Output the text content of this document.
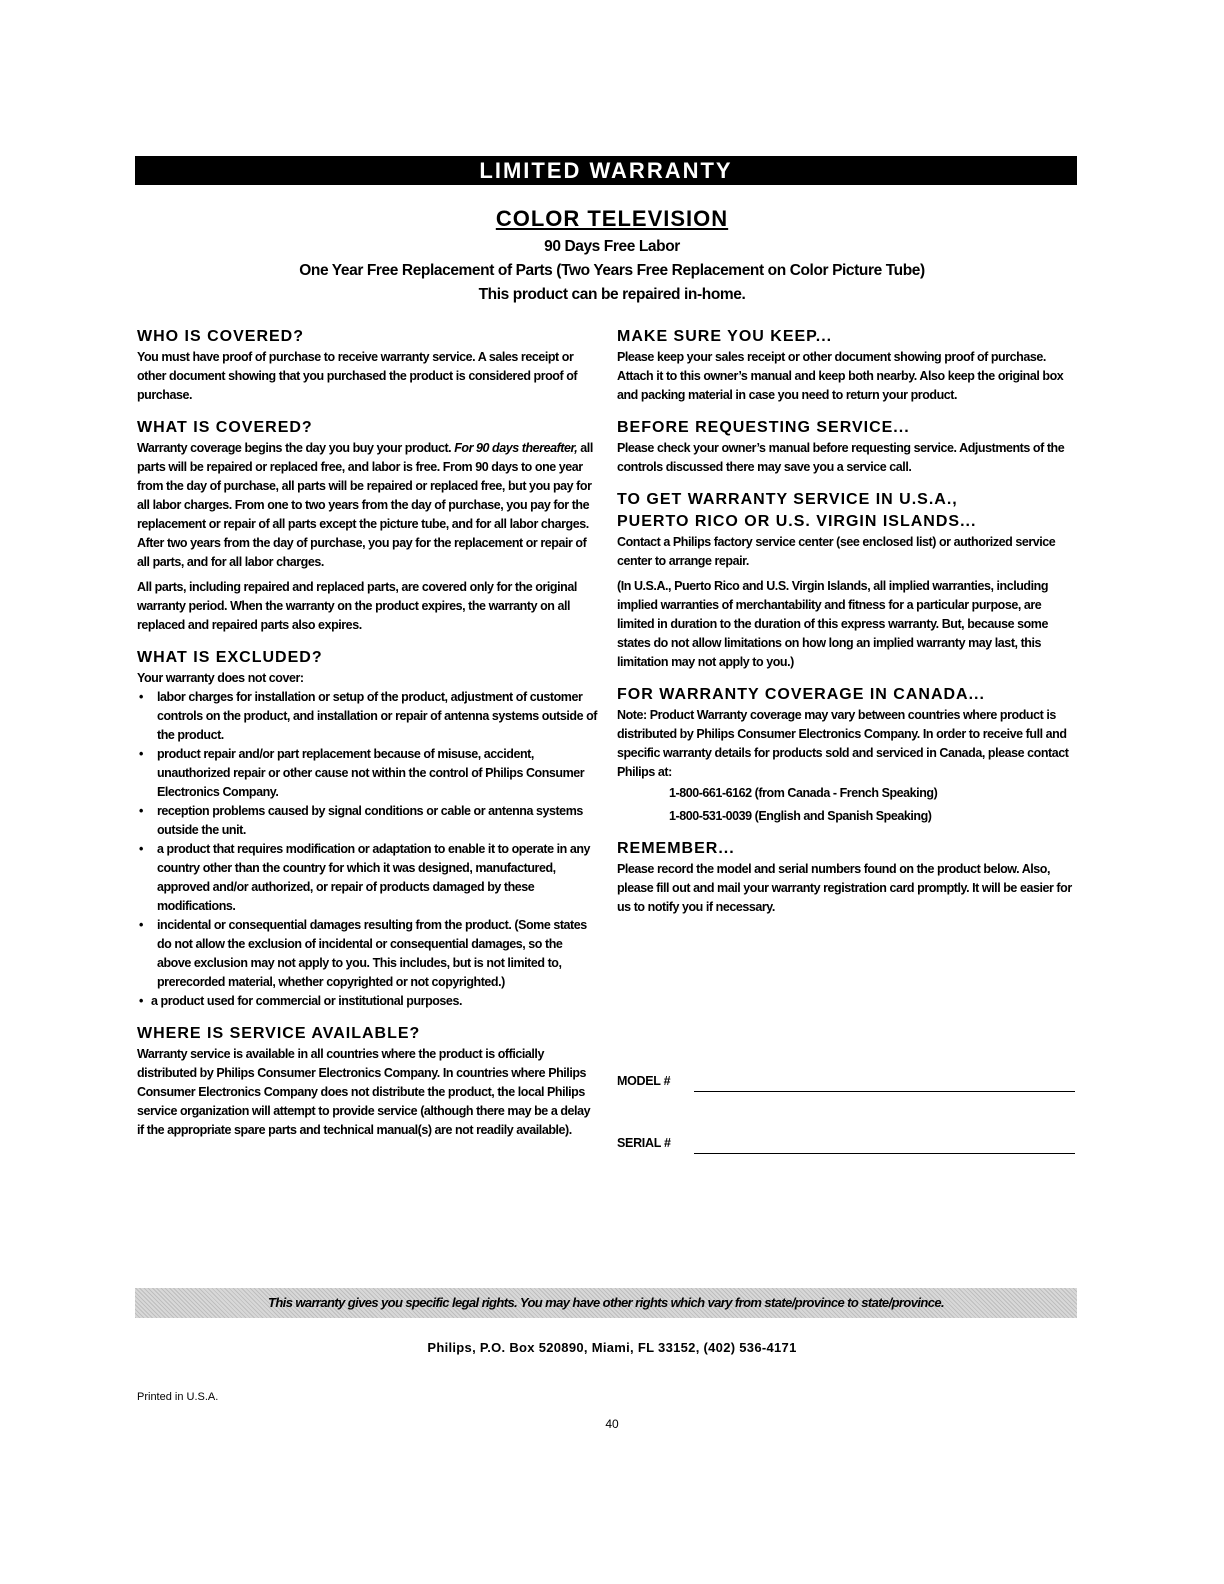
LIMITED WARRANTY
COLOR TELEVISION
90 Days Free Labor
One Year Free Replacement of Parts (Two Years Free Replacement on Color Picture Tube)
This product can be repaired in-home.
WHO IS COVERED?

You must have proof of purchase to receive warranty service. A sales receipt or other document showing that you purchased the product is considered proof of purchase.

WHAT IS COVERED?

Warranty coverage begins the day you buy your product. For 90 days thereafter, all parts will be repaired or replaced free, and labor is free. From 90 days to one year from the day of purchase, all parts will be repaired or replaced free, but you pay for all labor charges. From one to two years from the day of purchase, you pay for the replacement or repair of all parts except the picture tube, and for all labor charges. After two years from the day of purchase, you pay for the replacement or repair of all parts, and for all labor charges.

All parts, including repaired and replaced parts, are covered only for the original warranty period. When the warranty on the product expires, the warranty on all replaced and repaired parts also expires.

WHAT IS EXCLUDED?

Your warranty does not cover:

• labor charges for installation or setup of the product, adjustment of customer controls on the product, and installation or repair of antenna systems outside of the product.
• product repair and/or part replacement because of misuse, accident, unauthorized repair or other cause not within the control of Philips Consumer Electronics Company.
• reception problems caused by signal conditions or cable or antenna systems outside the unit.
• a product that requires modification or adaptation to enable it to operate in any country other than the country for which it was designed, manufactured, approved and/or authorized, or repair of products damaged by these modifications.
• incidental or consequential damages resulting from the product. (Some states do not allow the exclusion of incidental or consequential damages, so the above exclusion may not apply to you. This includes, but is not limited to, prerecorded material, whether copyrighted or not copyrighted.)
• a product used for commercial or institutional purposes.
WHERE IS SERVICE AVAILABLE?

Warranty service is available in all countries where the product is officially distributed by Philips Consumer Electronics Company. In countries where Philips Consumer Electronics Company does not distribute the product, the local Philips service organization will attempt to provide service (although there may be a delay if the appropriate spare parts and technical manual(s) are not readily available).

MAKE SURE YOU KEEP...

Please keep your sales receipt or other document showing proof of purchase. Attach it to this owner’s manual and keep both nearby. Also keep the original box and packing material in case you need to return your product.

BEFORE REQUESTING SERVICE...

Please check your owner’s manual before requesting service. Adjustments of the controls discussed there may save you a service call.

TO GET WARRANTY SERVICE IN U.S.A.,
PUERTO RICO OR U.S. VIRGIN ISLANDS...

Contact a Philips factory service center (see enclosed list) or authorized service center to arrange repair.

(In U.S.A., Puerto Rico and U.S. Virgin Islands, all implied warranties, including implied warranties of merchantability and fitness for a particular purpose, are limited in duration to the duration of this express warranty. But, because some states do not allow limitations on how long an implied warranty may last, this limitation may not apply to you.)

FOR WARRANTY COVERAGE IN CANADA...

Note: Product Warranty coverage may vary between countries where product is distributed by Philips Consumer Electronics Company. In order to receive full and specific warranty details for products sold and serviced in Canada, please contact Philips at:

1-800-661-6162 (from Canada - French Speaking)
1-800-531-0039 (English and Spanish Speaking)
REMEMBER...

Please record the model and serial numbers found on the product below. Also, please fill out and mail your warranty registration card promptly. It will be easier for us to notify you if necessary.

MODEL #
SERIAL #
This warranty gives you specific legal rights. You may have other rights which vary from state/province to state/province.
Philips, P.O. Box 520890, Miami, FL 33152, (402) 536-4171
Printed in U.S.A.
40
